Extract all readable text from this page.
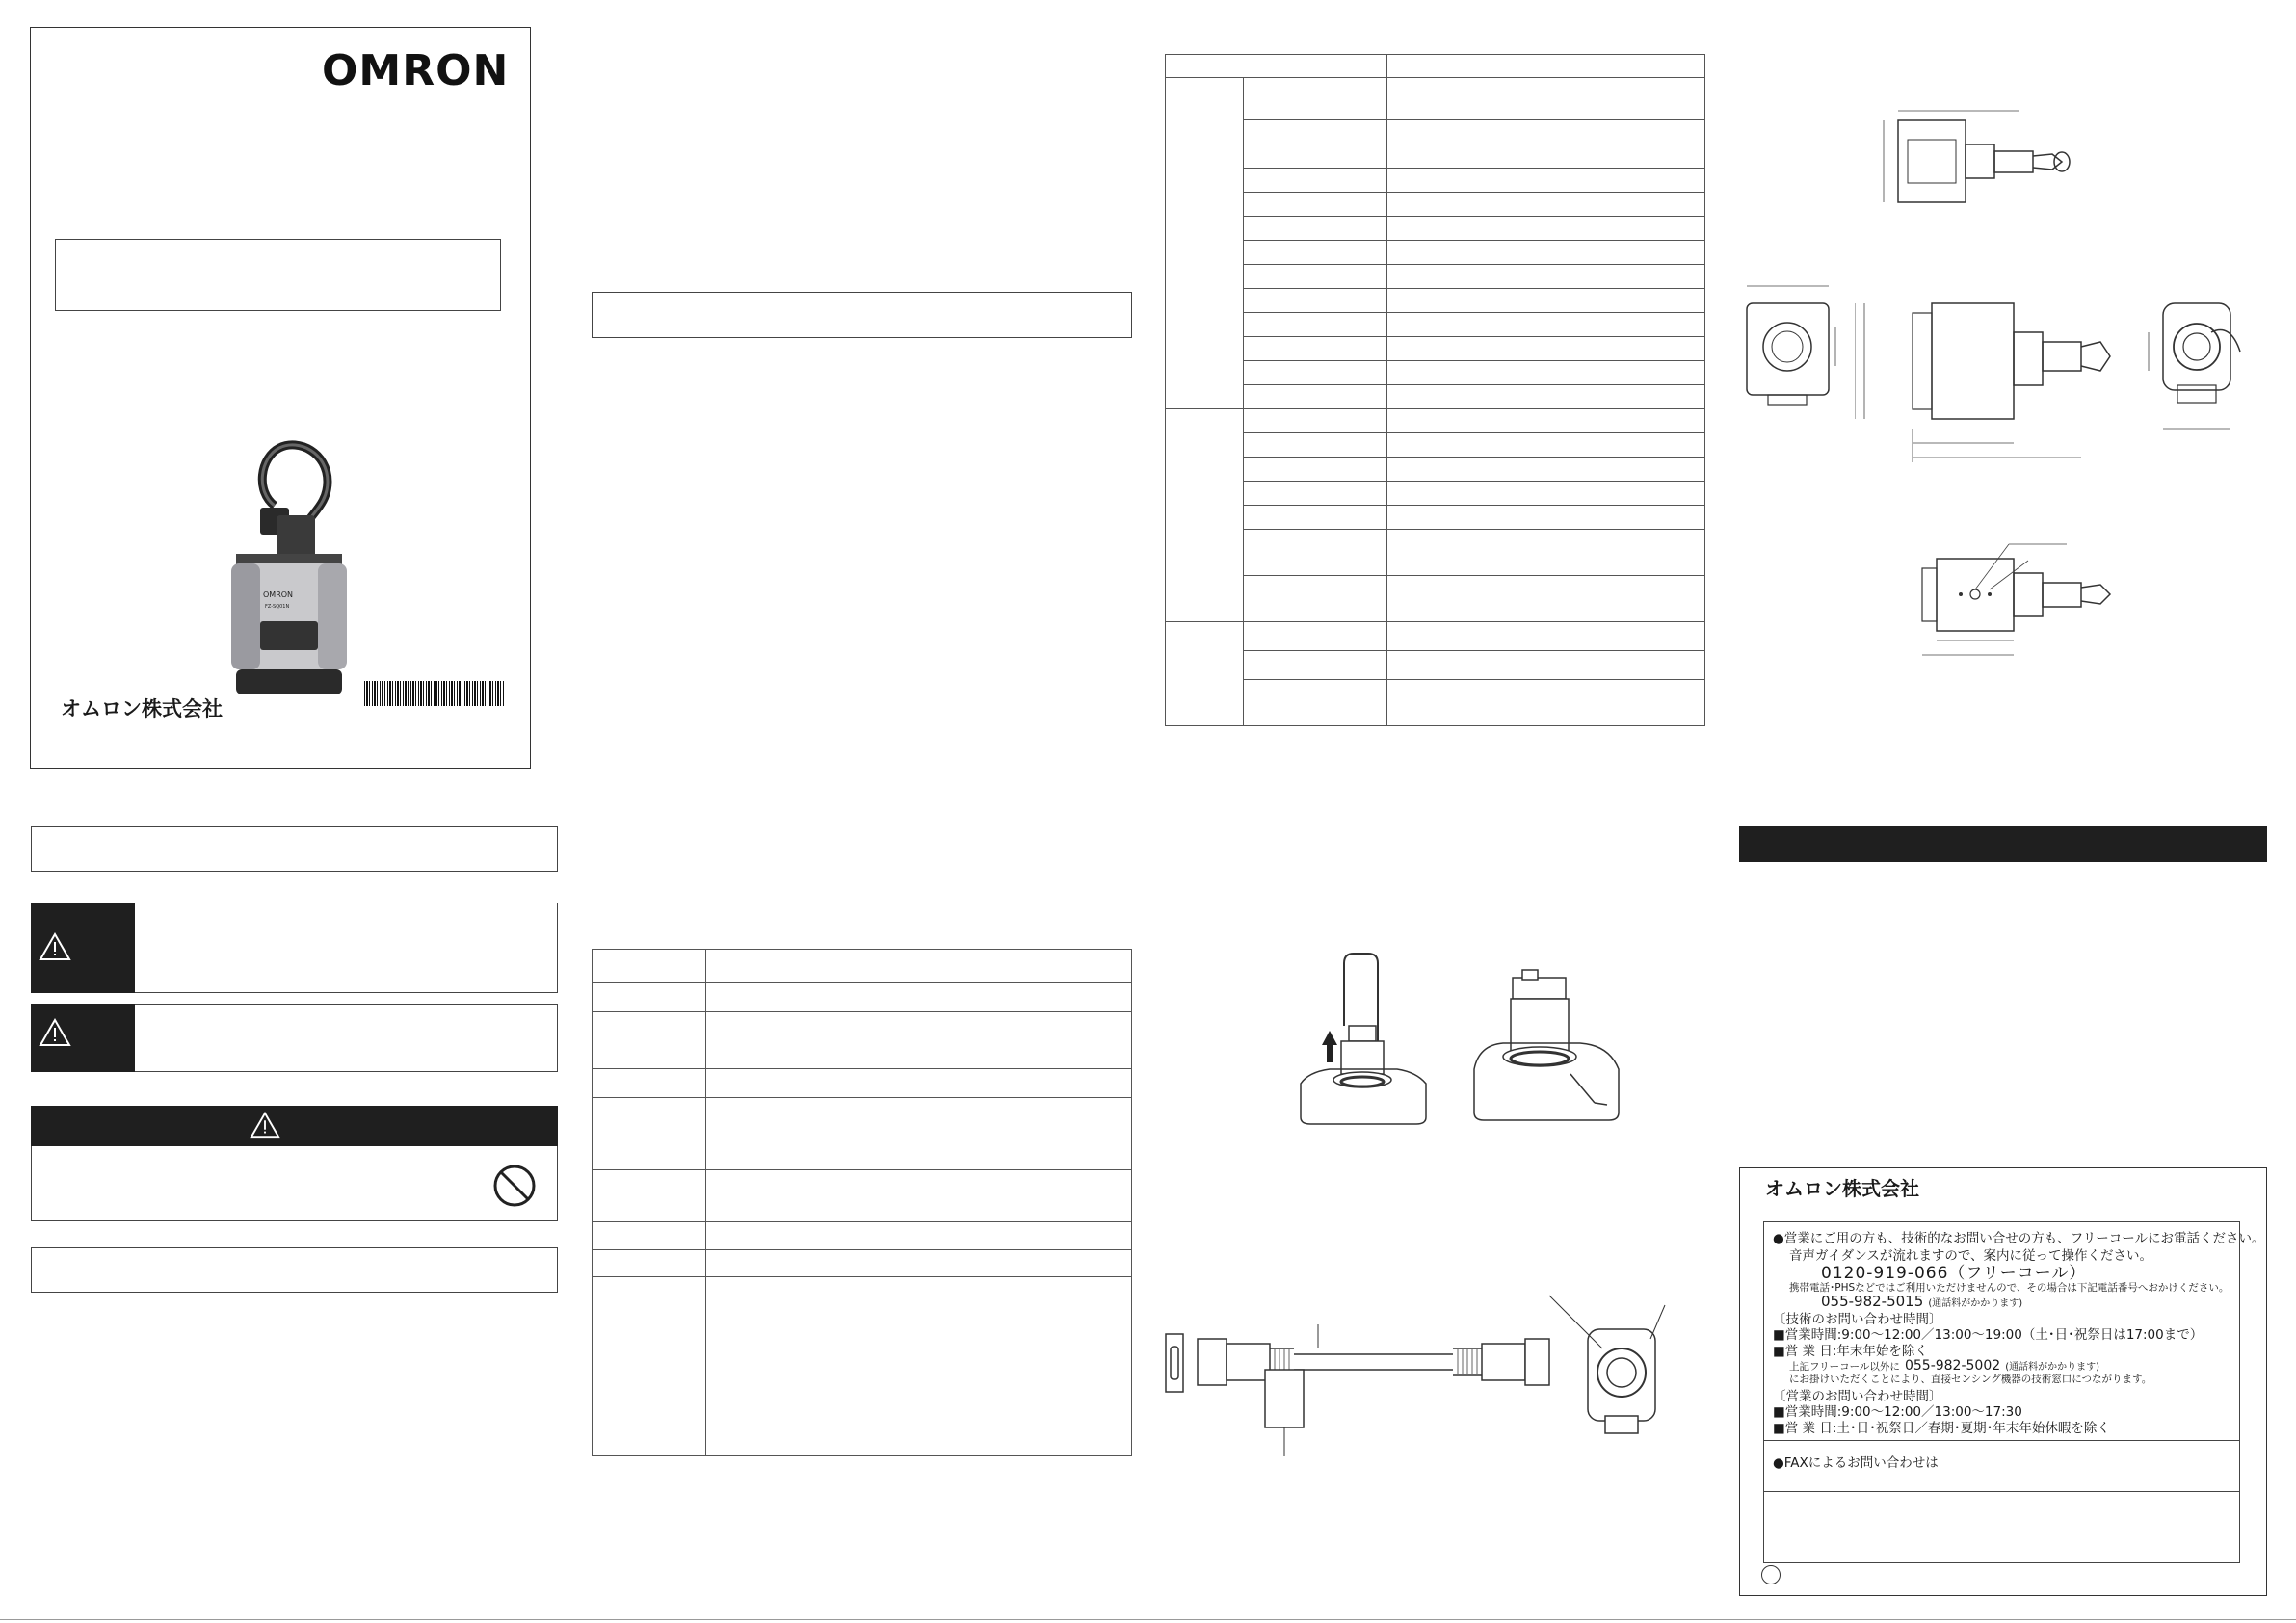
OMRON
OMRON
FZ-SQ01N
オムロン株式会社

オムロン株式会社
●営業にご用の方も、技術的なお問い合せの方も、フリーコールにお電話ください。
音声ガイダンスが流れますので、案内に従って操作ください。
0120-919-066（フリーコール）
携帯電話･PHSなどではご利用いただけませんので、その場合は下記電話番号へおかけください。
055-982-5015 (通話料がかかります)
〔技術のお問い合わせ時間〕
■営業時間:9:00～12:00／13:00～19:00（土･日･祝祭日は17:00まで）
■営 業 日:年末年始を除く
上記フリーコール以外に 055-982-5002 (通話料がかかります)
にお掛けいただくことにより、直接センシング機器の技術窓口につながります。
〔営業のお問い合わせ時間〕
■営業時間:9:00～12:00／13:00～17:30
■営 業 日:土･日･祝祭日／春期･夏期･年末年始休暇を除く
●FAXによるお問い合わせは
